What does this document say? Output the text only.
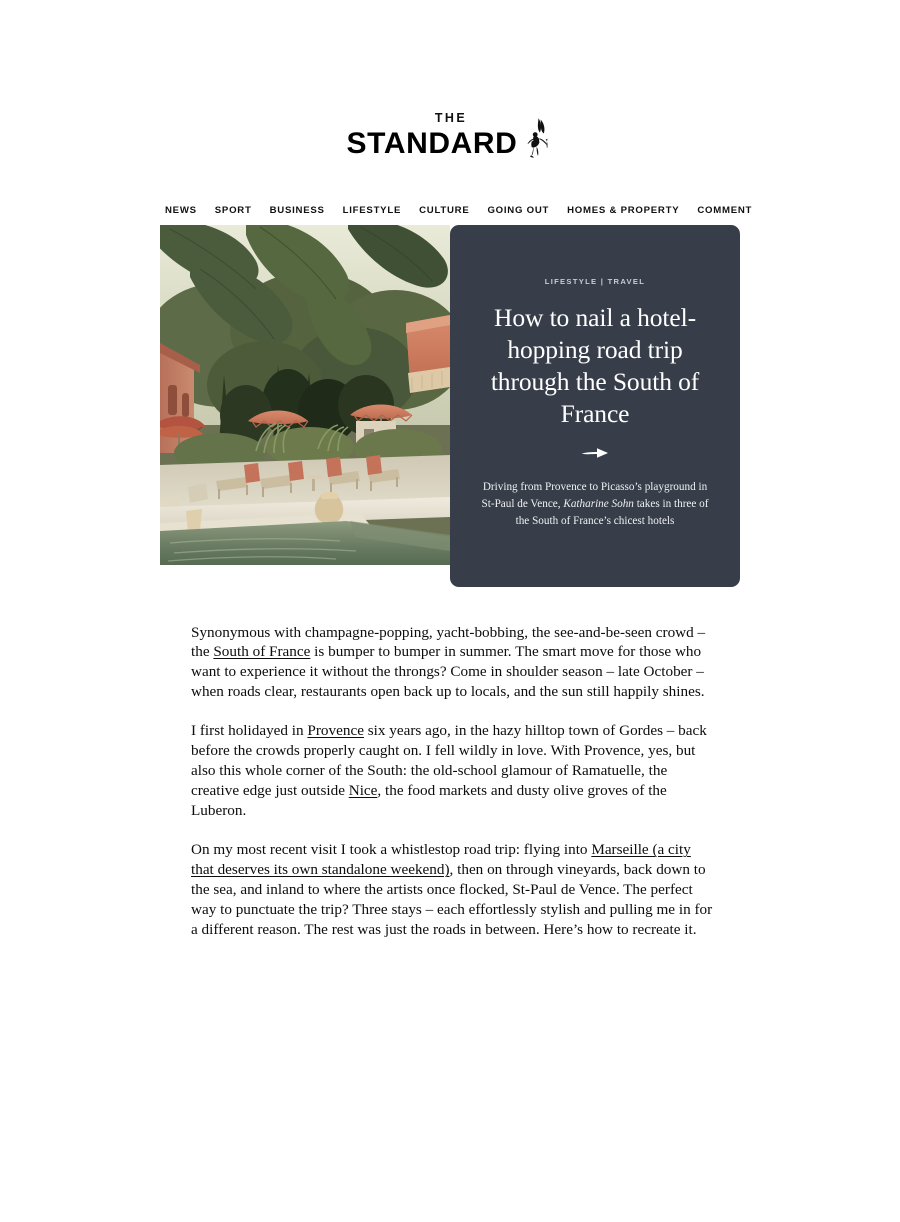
THE
STANDARD
NEWS SPORT BUSINESS LIFESTYLE CULTURE GOING OUT HOMES & PROPERTY COMMENT
LIFESTYLE | TRAVEL
How to nail a hotel-hopping road trip through the South of France
Driving from Provence to Picasso’s playground in St-Paul de Vence, Katharine Sohn takes in three of the South of France’s chicest hotels

Synonymous with champagne-popping, yacht-bobbing, the see-and-be-seen crowd – the South of France is bumper to bumper in summer. The smart move for those who want to experience it without the throngs? Come in shoulder season – late October – when roads clear, restaurants open back up to locals, and the sun still happily shines.

I first holidayed in Provence six years ago, in the hazy hilltop town of Gordes – back before the crowds properly caught on. I fell wildly in love. With Provence, yes, but also this whole corner of the South: the old-school glamour of Ramatuelle, the creative edge just outside Nice, the food markets and dusty olive groves of the Luberon.

On my most recent visit I took a whistlestop road trip: flying into Marseille (a city that deserves its own standalone weekend), then on through vineyards, back down to the sea, and inland to where the artists once flocked, St-Paul de Vence. The perfect way to punctuate the trip? Three stays – each effortlessly stylish and pulling me in for a different reason. The rest was just the roads in between. Here’s how to recreate it.
